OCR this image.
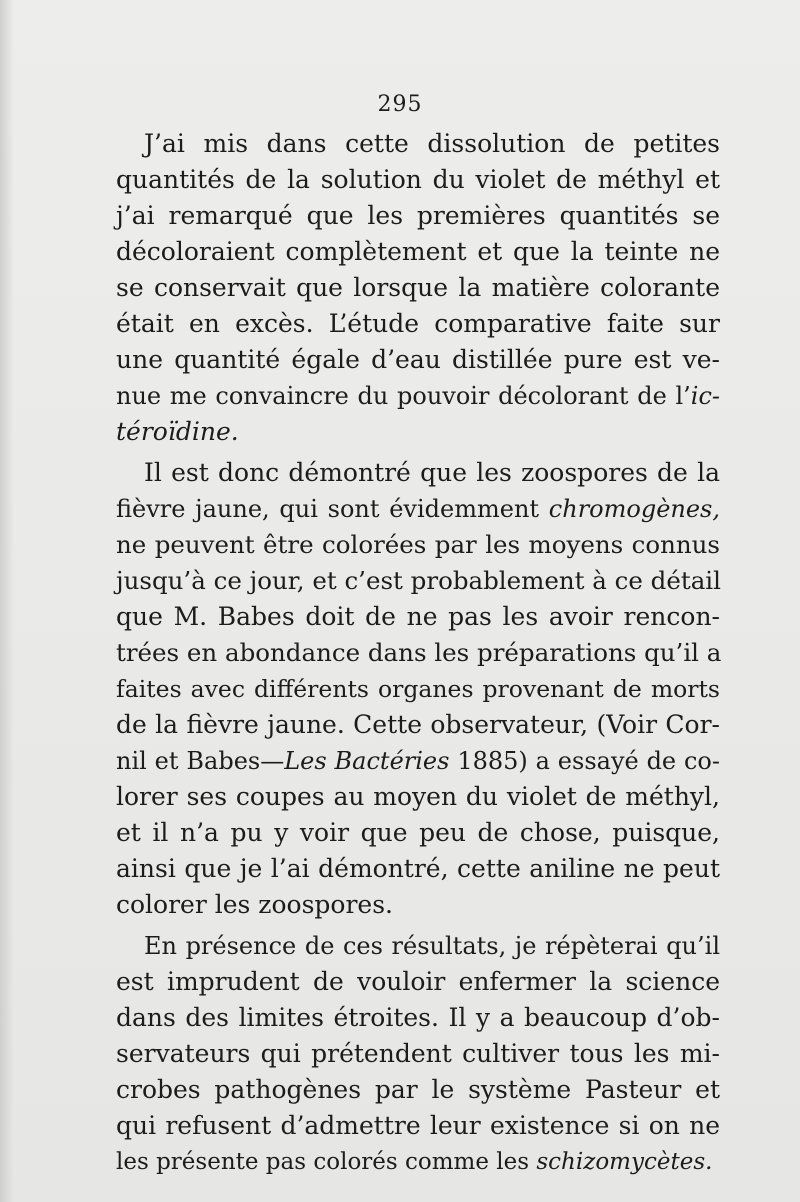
295
J’ai mis dans cette dissolution de petites
quantités de la solution du violet de méthyl et
j’ai remarqué que les premières quantités se
décoloraient complètement et que la teinte ne
se conservait que lorsque la matière colorante
était en excès. L’étude comparative faite sur
une quantité égale d’eau distillée pure est ve-
nue me convaincre du pouvoir décolorant de l’ic-
téroïdine.
Il est donc démontré que les zoospores de la
fièvre jaune, qui sont évidemment chromogènes,
ne peuvent être colorées par les moyens connus
jusqu’à ce jour, et c’est probablement à ce détail
que M. Babes doit de ne pas les avoir rencon-
trées en abondance dans les préparations qu’il a
faites avec différents organes provenant de morts
de la fièvre jaune. Cette observateur, (Voir Cor-
nil et Babes—Les Bactéries 1885) a essayé de co-
lorer ses coupes au moyen du violet de méthyl,
et il n’a pu y voir que peu de chose, puisque,
ainsi que je l’ai démontré, cette aniline ne peut
colorer les zoospores.
En présence de ces résultats, je répèterai qu’il
est imprudent de vouloir enfermer la science
dans des limites étroites. Il y a beaucoup d’ob-
servateurs qui prétendent cultiver tous les mi-
crobes pathogènes par le système Pasteur et
qui refusent d’admettre leur existence si on ne
les présente pas colorés comme les schizomycètes.
